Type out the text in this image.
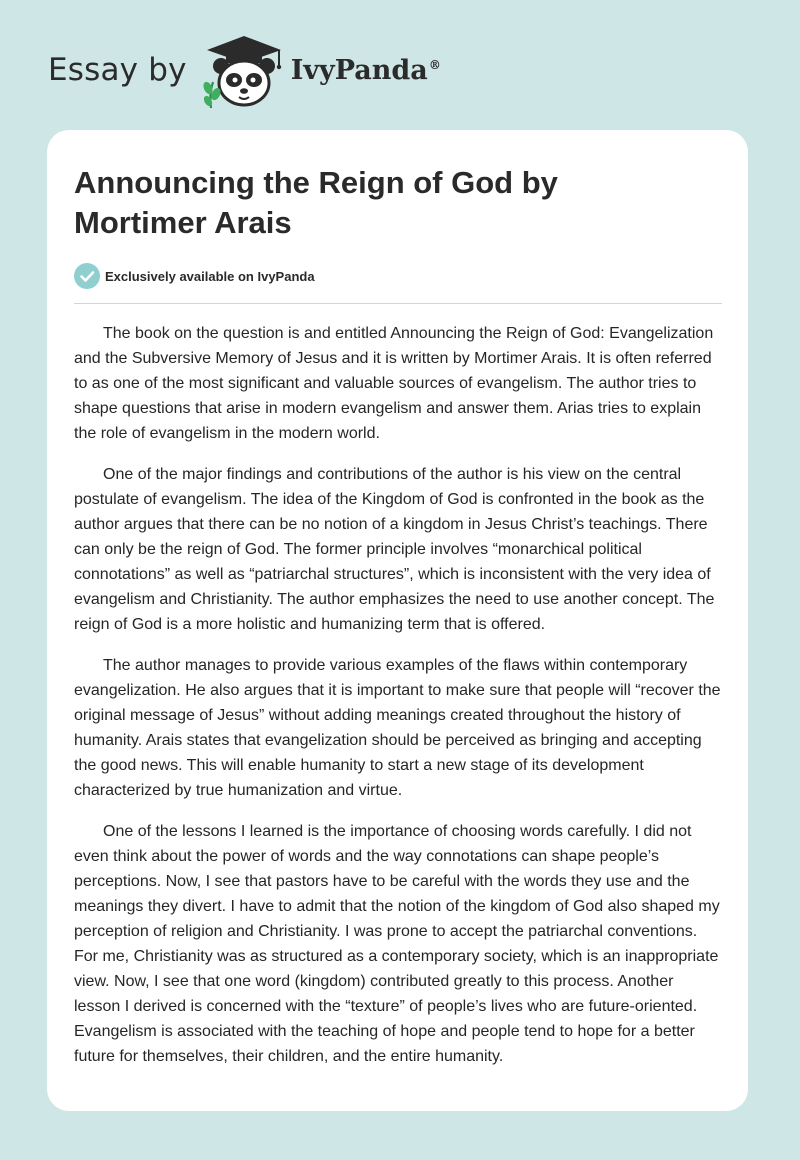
Essay by	IvyPanda®
Announcing the Reign of God by Mortimer Arais
Exclusively available on IvyPanda

The book on the question is and entitled Announcing the Reign of God: Evangelization and the Subversive Memory of Jesus and it is written by Mortimer Arais. It is often referred to as one of the most significant and valuable sources of evangelism. The author tries to shape questions that arise in modern evangelism and answer them. Arias tries to explain the role of evangelism in the modern world.

One of the major findings and contributions of the author is his view on the central postulate of evangelism. The idea of the Kingdom of God is confronted in the book as the author argues that there can be no notion of a kingdom in Jesus Christ’s teachings. There can only be the reign of God. The former principle involves “monarchical political connotations” as well as “patriarchal structures”, which is inconsistent with the very idea of evangelism and Christianity. The author emphasizes the need to use another concept. The reign of God is a more holistic and humanizing term that is offered.

The author manages to provide various examples of the flaws within contemporary evangelization. He also argues that it is important to make sure that people will “recover the original message of Jesus” without adding meanings created throughout the history of humanity. Arais states that evangelization should be perceived as bringing and accepting the good news. This will enable humanity to start a new stage of its development characterized by true humanization and virtue.

One of the lessons I learned is the importance of choosing words carefully. I did not even think about the power of words and the way connotations can shape people’s perceptions. Now, I see that pastors have to be careful with the words they use and the meanings they divert. I have to admit that the notion of the kingdom of God also shaped my perception of religion and Christianity. I was prone to accept the patriarchal conventions. For me, Christianity was as structured as a contemporary society, which is an inappropriate view. Now, I see that one word (kingdom) contributed greatly to this process. Another lesson I derived is concerned with the “texture” of people’s lives who are future-oriented. Evangelism is associated with the teaching of hope and people tend to hope for a better future for themselves, their children, and the entire humanity.
